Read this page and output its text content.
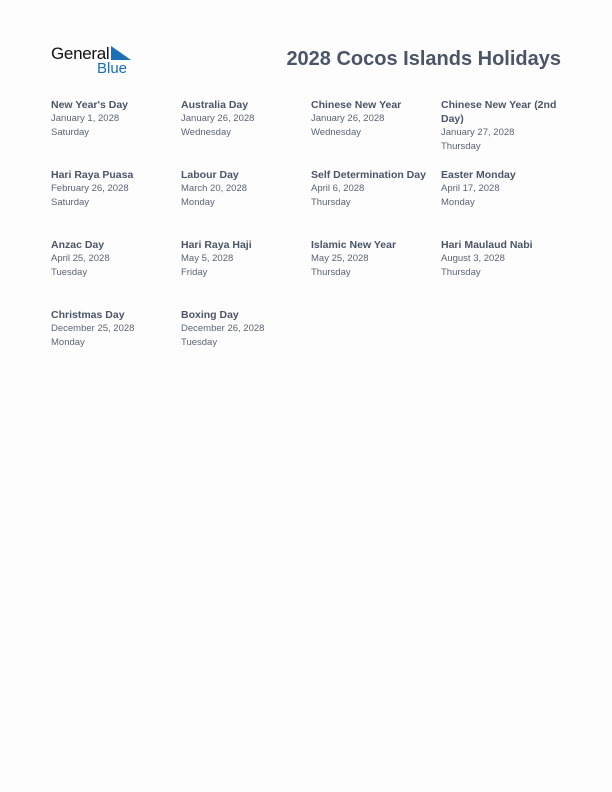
General
Blue	2028 Cocos Islands Holidays
New Year's Day
January 1, 2028
Saturday
Australia Day
January 26, 2028
Wednesday
Chinese New Year
January 26, 2028
Wednesday
Chinese New Year (2nd Day)
January 27, 2028
Thursday
Hari Raya Puasa
February 26, 2028
Saturday
Labour Day
March 20, 2028
Monday
Self Determination Day
April 6, 2028
Thursday
Easter Monday
April 17, 2028
Monday
Anzac Day
April 25, 2028
Tuesday
Hari Raya Haji
May 5, 2028
Friday
Islamic New Year
May 25, 2028
Thursday
Hari Maulaud Nabi
August 3, 2028
Thursday
Christmas Day
December 25, 2028
Monday
Boxing Day
December 26, 2028
Tuesday
